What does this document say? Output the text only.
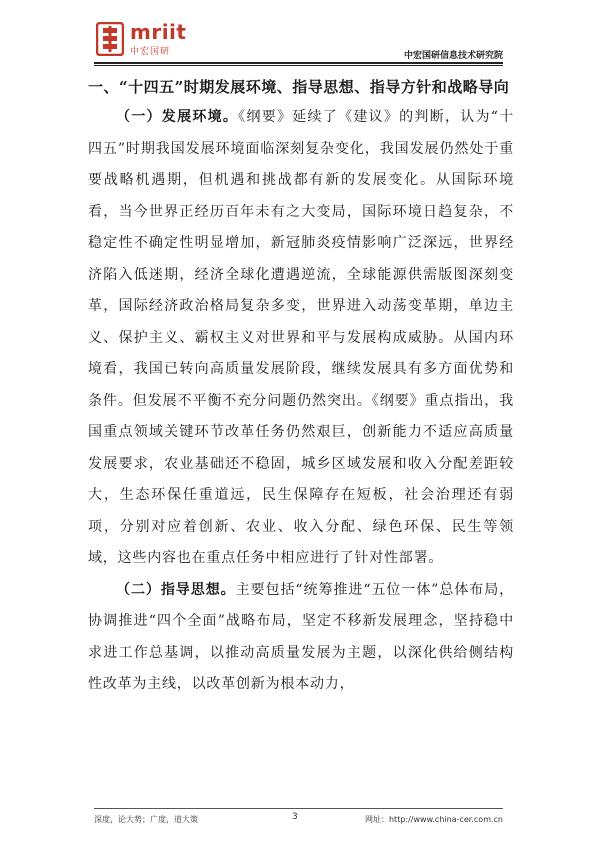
mriit
中宏国研	中宏国研信息技术研究院

一、“十四五”时期发展环境、指导思想、指导方针和战略导向

（一）发展环境。《纲要》延续了《建议》的判断，认为“十四五”时期我国发展环境面临深刻复杂变化，我国发展仍然处于重要战略机遇期，但机遇和挑战都有新的发展变化。从国际环境看，当今世界正经历百年未有之大变局，国际环境日趋复杂，不稳定性不确定性明显增加，新冠肺炎疫情影响广泛深远，世界经济陷入低迷期，经济全球化遭遇逆流，全球能源供需版图深刻变革，国际经济政治格局复杂多变，世界进入动荡变革期，单边主义、保护主义、霸权主义对世界和平与发展构成威胁。从国内环境看，我国已转向高质量发展阶段，继续发展具有多方面优势和条件。但发展不平衡不充分问题仍然突出。《纲要》重点指出，我国重点领域关键环节改革任务仍然艰巨，创新能力不适应高质量发展要求，农业基础还不稳固，城乡区域发展和收入分配差距较大，生态环保任重道远，民生保障存在短板，社会治理还有弱项，分别对应着创新、农业、收入分配、绿色环保、民生等领域，这些内容也在重点任务中相应进行了针对性部署。

（二）指导思想。主要包括“统筹推进“五位一体”总体布局，协调推进“四个全面”战略布局，坚定不移新发展理念，坚持稳中求进工作总基调，以推动高质量发展为主题，以深化供给侧结构性改革为主线，以改革创新为根本动力，

深度，论大势；广度，道大策	3	网址：http://www.china-cer.com.cn
